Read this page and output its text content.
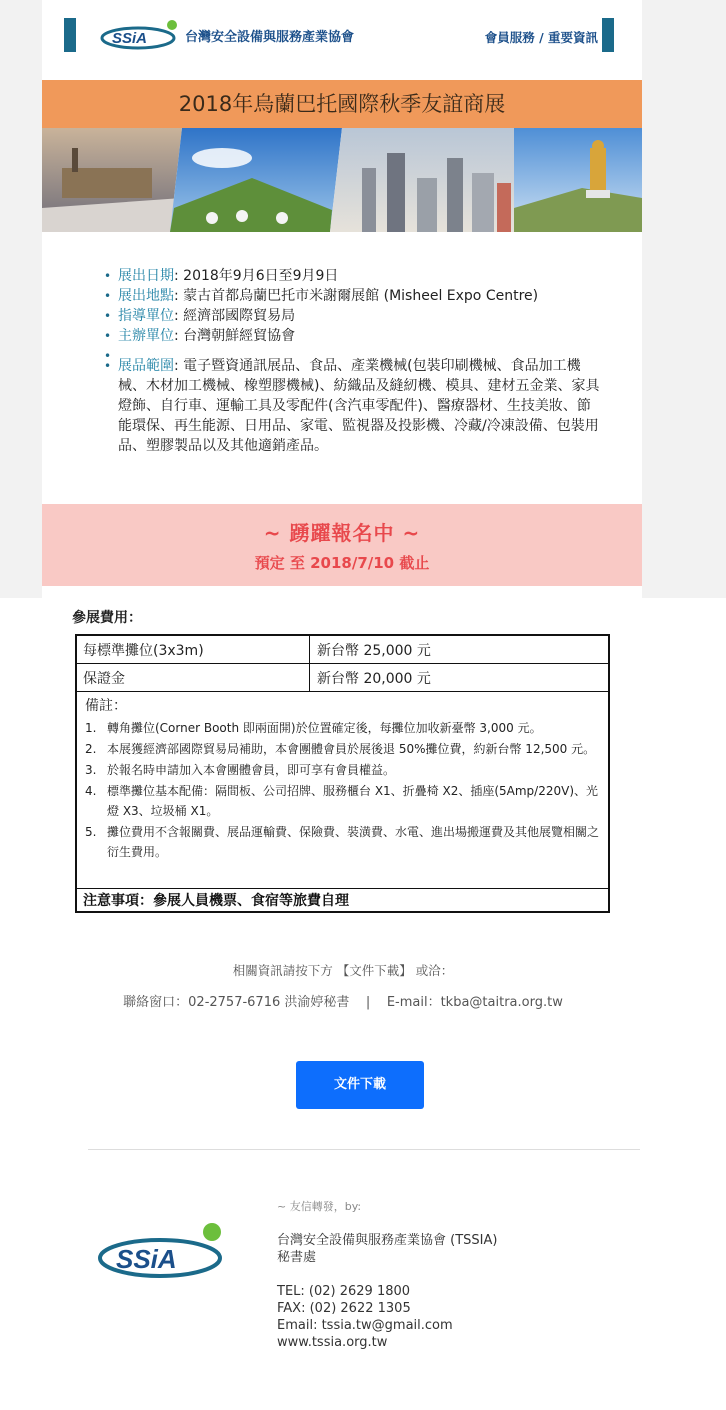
SSiA	台灣安全設備與服務產業協會	會員服務 / 重要資訊
2018年烏蘭巴托國際秋季友誼商展
• 展出日期: 2018年9月6日至9月9日
• 展出地點: 蒙古首都烏蘭巴托市米謝爾展館 (Misheel Expo Centre)
• 指導單位: 經濟部國際貿易局
• 主辦單位: 台灣朝鮮經貿協會
•
• 展品範圍: 電子暨資通訊展品、食品、產業機械(包裝印刷機械、食品加工機械、木材加工機械、橡塑膠機械)、紡織品及縫紉機、模具、建材五金業、家具燈飾、自行車、運輸工具及零配件(含汽車零配件)、醫療器材、生技美妝、節能環保、再生能源、日用品、家電、監視器及投影機、冷藏/冷凍設備、包裝用品、塑膠製品以及其他適銷產品。
~ 踴躍報名中 ~
預定 至 2018/7/10 截止
參展費用：
每標準攤位(3x3m)	新台幣 25,000 元
保證金	新台幣 20,000 元
備註：
1. 轉角攤位(Corner Booth 即兩面開)於位置確定後，每攤位加收新臺幣 3,000 元。
2. 本展獲經濟部國際貿易局補助，本會團體會員於展後退 50%攤位費，約新台幣 12,500 元。
3. 於報名時申請加入本會團體會員，即可享有會員權益。
4. 標準攤位基本配備：隔間板、公司招牌、服務櫃台 X1、折疊椅 X2、插座(5Amp/220V)、光燈 X3、垃圾桶 X1。
5. 攤位費用不含報關費、展品運輸費、保險費、裝潢費、水電、進出場搬運費及其他展覽相關之衍生費用。
注意事項：參展人員機票、食宿等旅費自理
相關資訊請按下方 【文件下載】 或洽：
聯絡窗口：02-2757-6716 洪渝婷秘書    |    E-mail：tkba@taitra.org.tw
文件下載
SSiA
~ 友信轉發，by:
台灣安全設備與服務產業協會 (TSSIA)
秘書處
TEL: (02) 2629 1800
FAX: (02) 2622 1305
Email: tssia.tw@gmail.com
www.tssia.org.tw
